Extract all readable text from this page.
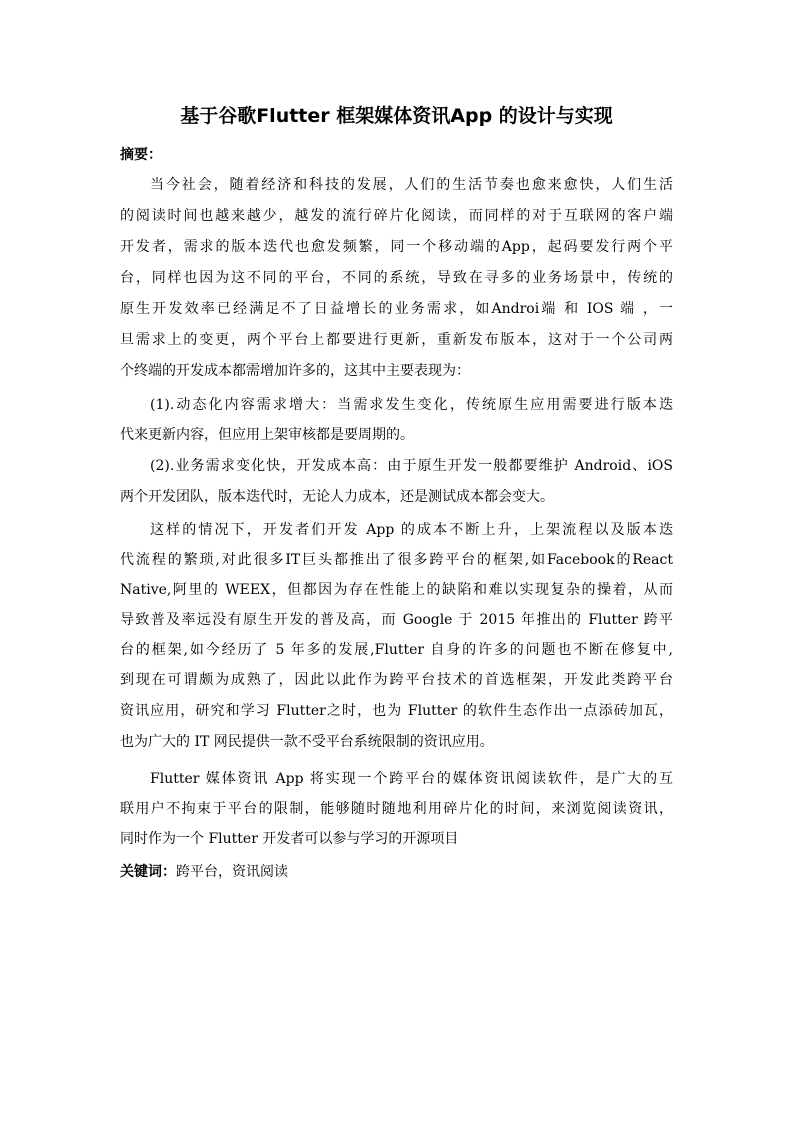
基于谷歌Flutter 框架媒体资讯App 的设计与实现
摘要：
当今社会，随着经济和科技的发展，人们的生活节奏也愈来愈快，人们生活
的阅读时间也越来越少，越发的流行碎片化阅读，而同样的对于互联网的客户端
开发者，需求的版本迭代也愈发频繁，同一个移动端的App，起码要发行两个平
台，同样也因为这不同的平台，不同的系统，导致在寻多的业务场景中，传统的
原生开发效率已经满足不了日益增长的业务需求，如Androi端 和 IOS 端 ，一
旦需求上的变更，两个平台上都要进行更新，重新发布版本，这对于一个公司两
个终端的开发成本都需增加许多的，这其中主要表现为：
(1).动态化内容需求增大：当需求发生变化，传统原生应用需要进行版本迭
代来更新内容，但应用上架审核都是要周期的。
(2).业务需求变化快，开发成本高：由于原生开发一般都要维护 Android、iOS
两个开发团队，版本迭代时，无论人力成本，还是测试成本都会变大。
这样的情况下，开发者们开发 App 的成本不断上升，上架流程以及版本迭
代流程的繁琐,对此很多IT巨头都推出了很多跨平台的框架,如Facebook的React
Native,阿里的 WEEX，但都因为存在性能上的缺陷和难以实现复杂的操着，从而
导致普及率远没有原生开发的普及高，而 Google 于 2015 年推出的 Flutter 跨平
台的框架,如今经历了 5 年多的发展,Flutter 自身的许多的问题也不断在修复中,
到现在可谓颇为成熟了，因此以此作为跨平台技术的首选框架，开发此类跨平台
资讯应用，研究和学习 Flutter之时，也为 Flutter 的软件生态作出一点添砖加瓦，
也为广大的 IT 网民提供一款不受平台系统限制的资讯应用。
Flutter 媒体资讯 App 将实现一个跨平台的媒体资讯阅读软件，是广大的互
联用户不拘束于平台的限制，能够随时随地利用碎片化的时间，来浏览阅读资讯，
同时作为一个 Flutter 开发者可以参与学习的开源项目
关键词：跨平台，资讯阅读
